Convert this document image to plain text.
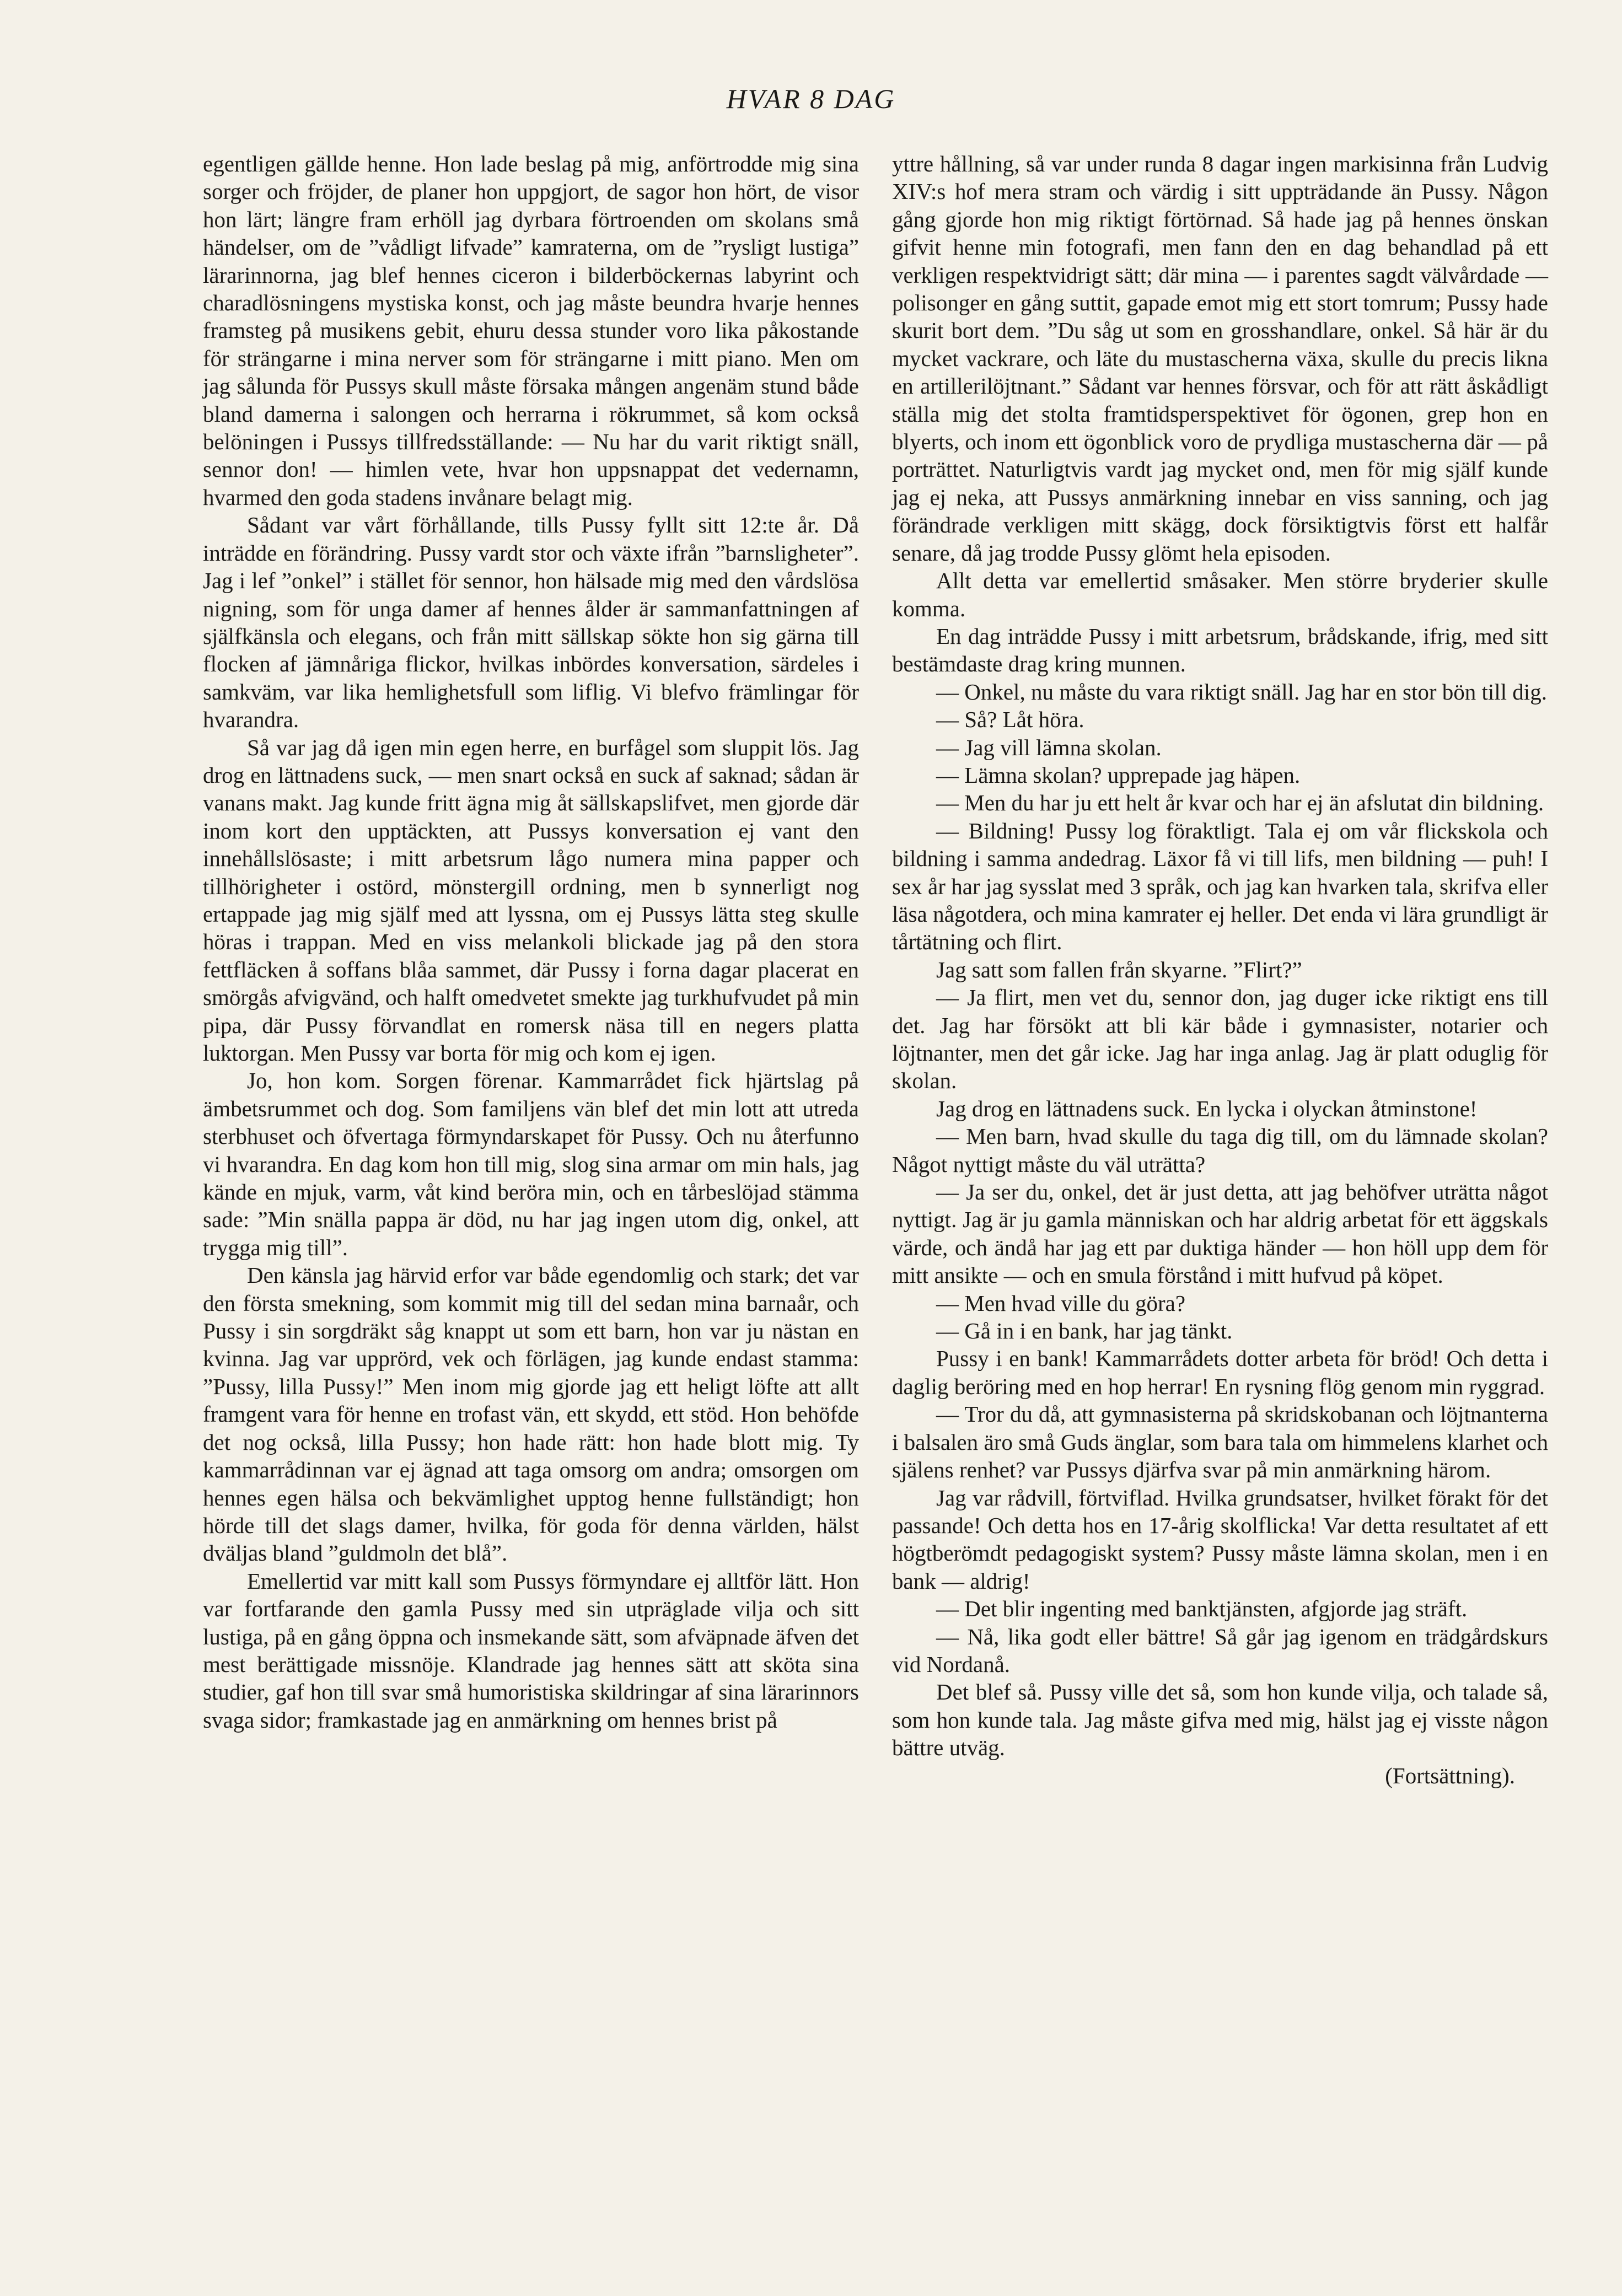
HVAR 8 DAG

egentligen gällde henne. Hon lade beslag på mig, anförtrodde mig sina sorger och fröjder, de planer hon uppgjort, de sagor hon hört, de visor hon lärt; längre fram erhöll jag dyrbara förtroenden om skolans små händelser, om de ”vådligt lifvade” kamraterna, om de ”rysligt lustiga” lärarinnorna, jag blef hennes ciceron i bilderböckernas labyrint och charadlösningens mystiska konst, och jag måste beundra hvarje hennes framsteg på musikens gebit, ehuru dessa stunder voro lika påkostande för strängarne i mina nerver som för strängarne i mitt piano. Men om jag sålunda för Pussys skull måste försaka mången angenäm stund både bland damerna i salongen och herrarna i rökrummet, så kom också belöningen i Pussys tillfredsställande: — Nu har du varit riktigt snäll, sennor don! — himlen vete, hvar hon uppsnappat det vedernamn, hvarmed den goda stadens invånare belagt mig.

Sådant var vårt förhållande, tills Pussy fyllt sitt 12:te år. Då inträdde en förändring. Pussy vardt stor och växte ifrån ”barnsligheter”. Jag i lef ”onkel” i stället för sennor, hon hälsade mig med den vårdslösa nigning, som för unga damer af hennes ålder är sammanfattningen af själfkänsla och elegans, och från mitt sällskap sökte hon sig gärna till flocken af jämnåriga flickor, hvilkas inbördes konversation, särdeles i samkväm, var lika hemlighetsfull som liflig. Vi blefvo främlingar för hvarandra.

Så var jag då igen min egen herre, en burfågel som sluppit lös. Jag drog en lättnadens suck, — men snart också en suck af saknad; sådan är vanans makt. Jag kunde fritt ägna mig åt sällskapslifvet, men gjorde där inom kort den upptäckten, att Pussys konversation ej vant den innehållslösaste; i mitt arbetsrum lågo numera mina papper och tillhörigheter i ostörd, mönstergill ordning, men b synnerligt nog ertappade jag mig själf med att lyssna, om ej Pussys lätta steg skulle höras i trappan. Med en viss melankoli blickade jag på den stora fettfläcken å soffans blåa sammet, där Pussy i forna dagar placerat en smörgås afvigvänd, och halft omedvetet smekte jag turkhufvudet på min pipa, där Pussy förvandlat en romersk näsa till en negers platta luktorgan. Men Pussy var borta för mig och kom ej igen.

Jo, hon kom. Sorgen förenar. Kammarrådet fick hjärtslag på ämbetsrummet och dog. Som familjens vän blef det min lott att utreda sterbhuset och öfvertaga förmyndarskapet för Pussy. Och nu återfunno vi hvarandra. En dag kom hon till mig, slog sina armar om min hals, jag kände en mjuk, varm, våt kind beröra min, och en tårbeslöjad stämma sade: ”Min snälla pappa är död, nu har jag ingen utom dig, onkel, att trygga mig till”.

Den känsla jag härvid erfor var både egendomlig och stark; det var den första smekning, som kommit mig till del sedan mina barnaår, och Pussy i sin sorgdräkt såg knappt ut som ett barn, hon var ju nästan en kvinna. Jag var upprörd, vek och förlägen, jag kunde endast stamma: ”Pussy, lilla Pussy!” Men inom mig gjorde jag ett heligt löfte att allt framgent vara för henne en trofast vän, ett skydd, ett stöd. Hon behöfde det nog också, lilla Pussy; hon hade rätt: hon hade blott mig. Ty kammarrådinnan var ej ägnad att taga omsorg om andra; omsorgen om hennes egen hälsa och bekvämlighet upptog henne fullständigt; hon hörde till det slags damer, hvilka, för goda för denna världen, hälst dväljas bland ”guldmoln det blå”.

Emellertid var mitt kall som Pussys förmyndare ej alltför lätt. Hon var fortfarande den gamla Pussy med sin utpräglade vilja och sitt lustiga, på en gång öppna och insmekande sätt, som afväpnade äfven det mest berättigade missnöje. Klandrade jag hennes sätt att sköta sina studier, gaf hon till svar små humoristiska skildringar af sina lärarinnors svaga sidor; framkastade jag en anmärkning om hennes brist på

yttre hållning, så var under runda 8 dagar ingen markisinna från Ludvig XIV:s hof mera stram och värdig i sitt uppträdande än Pussy. Någon gång gjorde hon mig riktigt förtörnad. Så hade jag på hennes önskan gifvit henne min fotografi, men fann den en dag behandlad på ett verkligen respektvidrigt sätt; där mina — i parentes sagdt välvårdade — polisonger en gång suttit, gapade emot mig ett stort tomrum; Pussy hade skurit bort dem. ”Du såg ut som en grosshandlare, onkel. Så här är du mycket vackrare, och läte du mustascherna växa, skulle du precis likna en artillerilöjtnant.” Sådant var hennes försvar, och för att rätt åskådligt ställa mig det stolta framtidsperspektivet för ögonen, grep hon en blyerts, och inom ett ögonblick voro de prydliga mustascherna där — på porträttet. Naturligtvis vardt jag mycket ond, men för mig själf kunde jag ej neka, att Pussys anmärkning innebar en viss sanning, och jag förändrade verkligen mitt skägg, dock försiktigtvis först ett halfår senare, då jag trodde Pussy glömt hela episoden.

Allt detta var emellertid småsaker. Men större bryderier skulle komma.

En dag inträdde Pussy i mitt arbetsrum, brådskande, ifrig, med sitt bestämdaste drag kring munnen.

— Onkel, nu måste du vara riktigt snäll. Jag har en stor bön till dig.

— Så? Låt höra.

— Jag vill lämna skolan.

— Lämna skolan? upprepade jag häpen.

— Men du har ju ett helt år kvar och har ej än afslutat din bildning.

— Bildning! Pussy log föraktligt. Tala ej om vår flickskola och bildning i samma andedrag. Läxor få vi till lifs, men bildning — puh! I sex år har jag sysslat med 3 språk, och jag kan hvarken tala, skrifva eller läsa någotdera, och mina kamrater ej heller. Det enda vi lära grundligt är tårtätning och flirt.

Jag satt som fallen från skyarne. ”Flirt?”

— Ja flirt, men vet du, sennor don, jag duger icke riktigt ens till det. Jag har försökt att bli kär både i gymnasister, notarier och löjtnanter, men det går icke. Jag har inga anlag. Jag är platt oduglig för skolan.

Jag drog en lättnadens suck. En lycka i olyckan åtminstone!

— Men barn, hvad skulle du taga dig till, om du lämnade skolan? Något nyttigt måste du väl uträtta?

— Ja ser du, onkel, det är just detta, att jag behöfver uträtta något nyttigt. Jag är ju gamla människan och har aldrig arbetat för ett äggskals värde, och ändå har jag ett par duktiga händer — hon höll upp dem för mitt ansikte — och en smula förstånd i mitt hufvud på köpet.

— Men hvad ville du göra?

— Gå in i en bank, har jag tänkt.

Pussy i en bank! Kammarrådets dotter arbeta för bröd! Och detta i daglig beröring med en hop herrar! En rysning flög genom min ryggrad.

— Tror du då, att gymnasisterna på skridskobanan och löjtnanterna i balsalen äro små Guds änglar, som bara tala om himmelens klarhet och själens renhet? var Pussys djärfva svar på min anmärkning härom.

Jag var rådvill, förtviflad. Hvilka grundsatser, hvilket förakt för det passande! Och detta hos en 17-årig skolflicka! Var detta resultatet af ett högtberömdt pedagogiskt system? Pussy måste lämna skolan, men i en bank — aldrig!

— Det blir ingenting med banktjänsten, afgjorde jag sträft.

— Nå, lika godt eller bättre! Så går jag igenom en trädgårdskurs vid Nordanå.

Det blef så. Pussy ville det så, som hon kunde vilja, och talade så, som hon kunde tala. Jag måste gifva med mig, hälst jag ej visste någon bättre utväg.

(Fortsättning).
